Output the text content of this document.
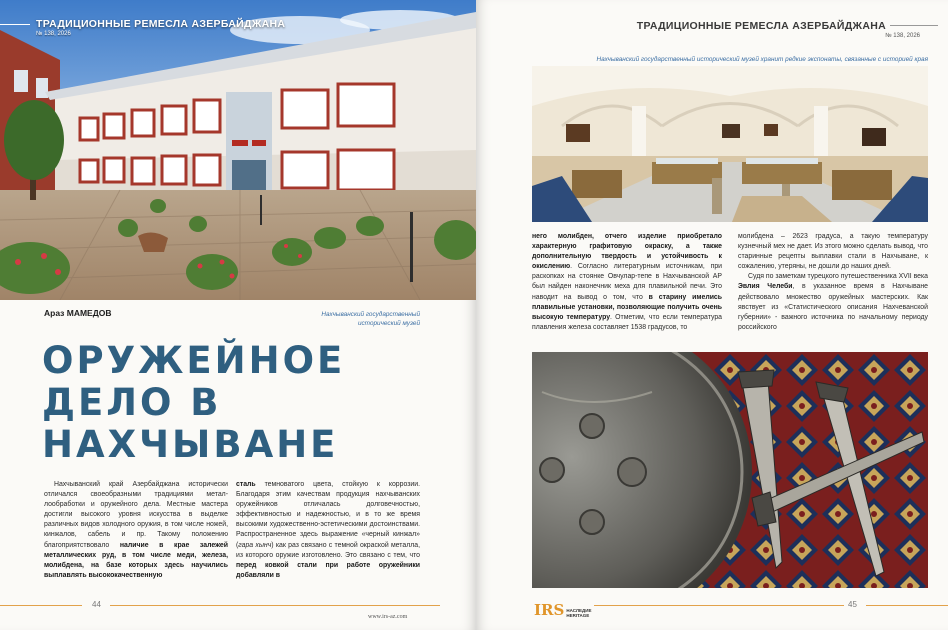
ТРАДИЦИОННЫЕ РЕМЕСЛА АЗЕРБАЙДЖАНА
№ 138, 2026
Араз МАМЕДОВ	Нахчыванский государственный исторический музей
ОРУЖЕЙНОЕ
ДЕЛО В
НАХЧЫВАНЕ
Нахчыванский край Азербайджана исторически отличался своеобразными традициями металлообработки и оружейного дела. Местные мастера достигли высокого уровня искусства в выделке различных видов холодного оружия, в том числе ножей, кинжалов, сабель и пр. Такому положению благоприятствовало наличие в крае залежей металлических руд, в том числе меди, железа, молибдена, на базе которых здесь научились выплавлять высококачественную
сталь темноватого цвета, стойкую к коррозии. Благодаря этим качествам продукция нахчыванских оружейников отличалась долговечностью, эффективностью и надежностью, и в то же время высокими художественно-эстетическими достоинствами. Распространенное здесь выражение «черный кинжал» (гара хынч) как раз связано с темной окраской металла, из которого оружие изготовлено. Это связано с тем, что перед ковкой стали при работе оружейники добавляли в
44
www.irs-az.com
ТРАДИЦИОННЫЕ РЕМЕСЛА АЗЕРБАЙДЖАНА
№ 138, 2026
Нахчыванский государственный исторический музей хранит редкие экспонаты, связанные с историей края
него молибден, отчего изделие приобретало характерную графитовую окраску, а также дополнительную твердость и устойчивость к окислению. Согласно литературным источникам, при раскопках на стоянке Овчулар-тепе в Нахчыванской АР был найден наконечник меха для плавильной печи. Это наводит на вывод о том, что в старину имелись плавильные установки, позволяющие получить очень высокую температуру. Отметим, что если температура плавления железа составляет 1538 градусов, то
молибдена – 2623 градуса, а такую температуру кузнечный мех не дает. Из этого можно сделать вывод, что старинные рецепты выплавки стали в Нахчыване, к сожалению, утеряны, не дошли до наших дней.
Судя по заметкам турецкого путешественника XVII века Эвлия Челеби, в указанное время в Нахчыване действовало множество оружейных мастерских. Как явствует из «Статистического описания Нахчеванской губернии» - важного источника по начальному периоду российского
IRS НАСЛЕДИЕ
HERITAGE
45
